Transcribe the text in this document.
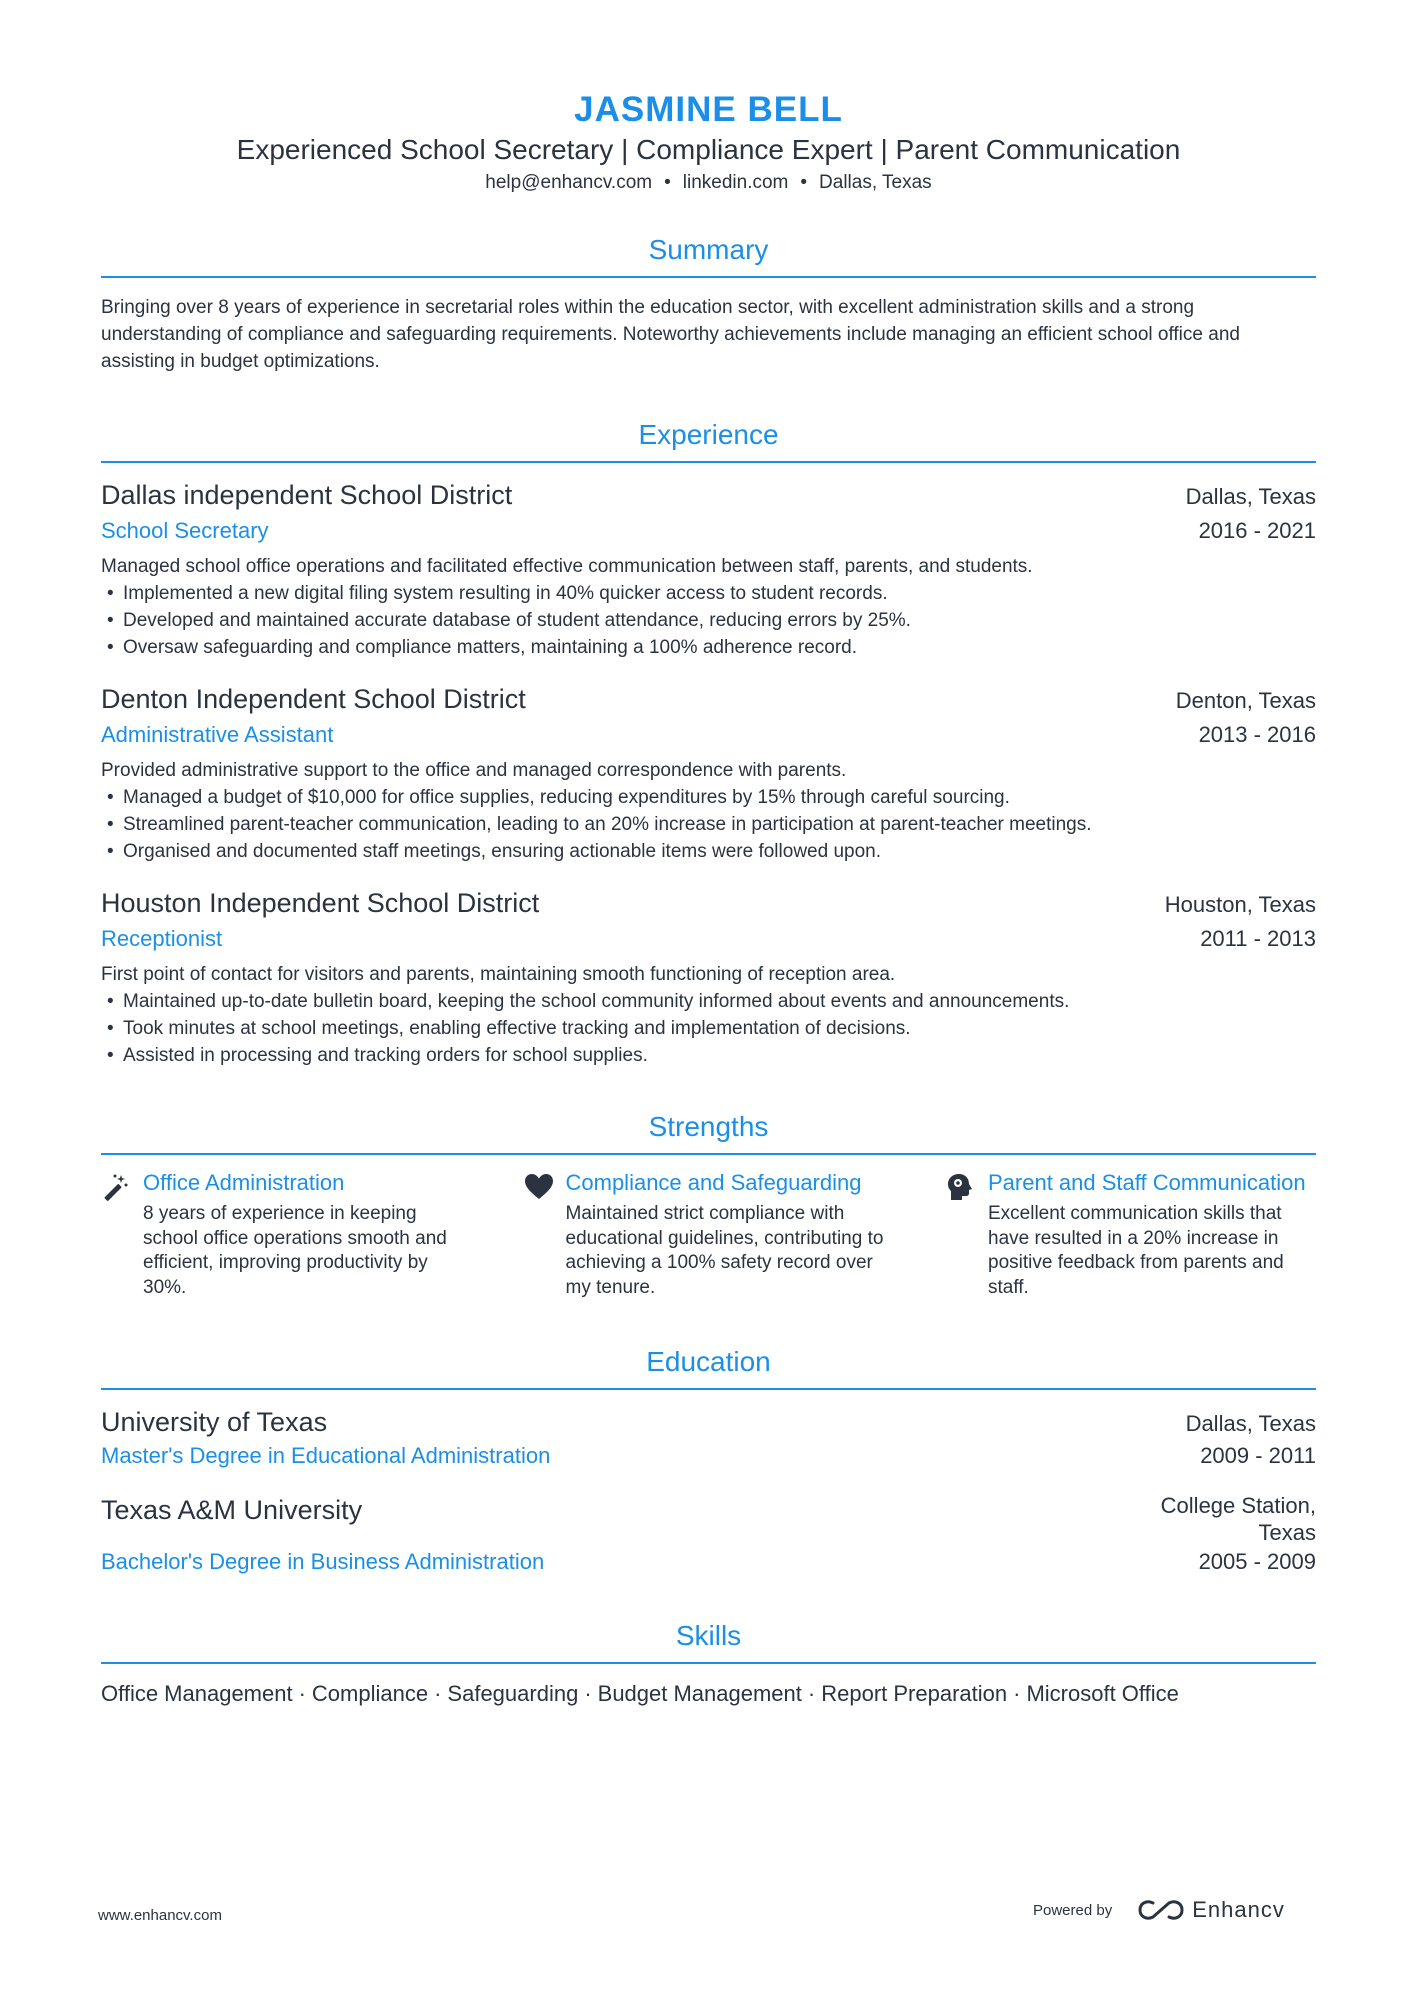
JASMINE BELL
Experienced School Secretary | Compliance Expert | Parent Communication
help@enhancv.com • linkedin.com • Dallas, Texas
Summary
Bringing over 8 years of experience in secretarial roles within the education sector, with excellent administration skills and a strong understanding of compliance and safeguarding requirements. Noteworthy achievements include managing an efficient school office and assisting in budget optimizations.
Experience
Dallas independent School District	Dallas, Texas
School Secretary	2016 - 2021
Managed school office operations and facilitated effective communication between staff, parents, and students.
• Implemented a new digital filing system resulting in 40% quicker access to student records.
• Developed and maintained accurate database of student attendance, reducing errors by 25%.
• Oversaw safeguarding and compliance matters, maintaining a 100% adherence record.
Denton Independent School District	Denton, Texas
Administrative Assistant	2013 - 2016
Provided administrative support to the office and managed correspondence with parents.
• Managed a budget of $10,000 for office supplies, reducing expenditures by 15% through careful sourcing.
• Streamlined parent-teacher communication, leading to an 20% increase in participation at parent-teacher meetings.
• Organised and documented staff meetings, ensuring actionable items were followed upon.
Houston Independent School District	Houston, Texas
Receptionist	2011 - 2013
First point of contact for visitors and parents, maintaining smooth functioning of reception area.
• Maintained up-to-date bulletin board, keeping the school community informed about events and announcements.
• Took minutes at school meetings, enabling effective tracking and implementation of decisions.
• Assisted in processing and tracking orders for school supplies.
Strengths
Office Administration
8 years of experience in keeping school office operations smooth and efficient, improving productivity by 30%.
Compliance and Safeguarding
Maintained strict compliance with educational guidelines, contributing to achieving a 100% safety record over my tenure.
Parent and Staff Communication
Excellent communication skills that have resulted in a 20% increase in positive feedback from parents and staff.
Education
University of Texas	Dallas, Texas
Master's Degree in Educational Administration	2009 - 2011
Texas A&M University	College Station, Texas
Bachelor's Degree in Business Administration	2005 - 2009
Skills
Office Management · Compliance · Safeguarding · Budget Management · Report Preparation · Microsoft Office
www.enhancv.com	Powered by	Enhancv
